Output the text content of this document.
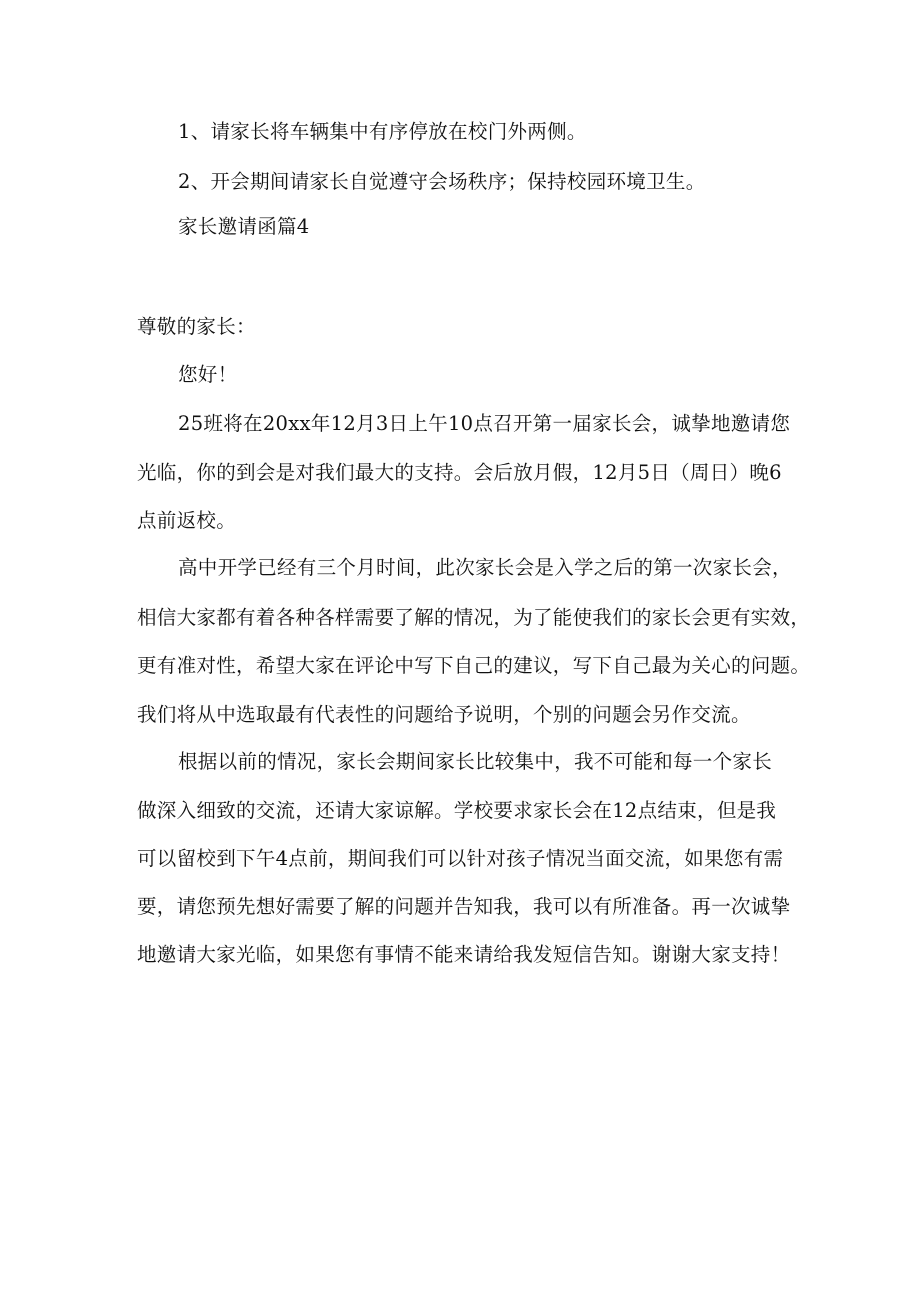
1、请家长将车辆集中有序停放在校门外两侧。
2、开会期间请家长自觉遵守会场秩序；保持校园环境卫生。
家长邀请函篇4
尊敬的家长：
您好！
25班将在20xx年12月3日上午10点召开第一届家长会，诚挚地邀请您
光临，你的到会是对我们最大的支持。会后放月假，12月5日（周日）晚6
点前返校。
高中开学已经有三个月时间，此次家长会是入学之后的第一次家长会，
相信大家都有着各种各样需要了解的情况，为了能使我们的家长会更有实效，
更有准对性，希望大家在评论中写下自己的建议，写下自己最为关心的问题。
我们将从中选取最有代表性的问题给予说明，个别的问题会另作交流。
根据以前的情况，家长会期间家长比较集中，我不可能和每一个家长
做深入细致的交流，还请大家谅解。学校要求家长会在12点结束，但是我
可以留校到下午4点前，期间我们可以针对孩子情况当面交流，如果您有需
要，请您预先想好需要了解的问题并告知我，我可以有所准备。再一次诚挚
地邀请大家光临，如果您有事情不能来请给我发短信告知。谢谢大家支持！
